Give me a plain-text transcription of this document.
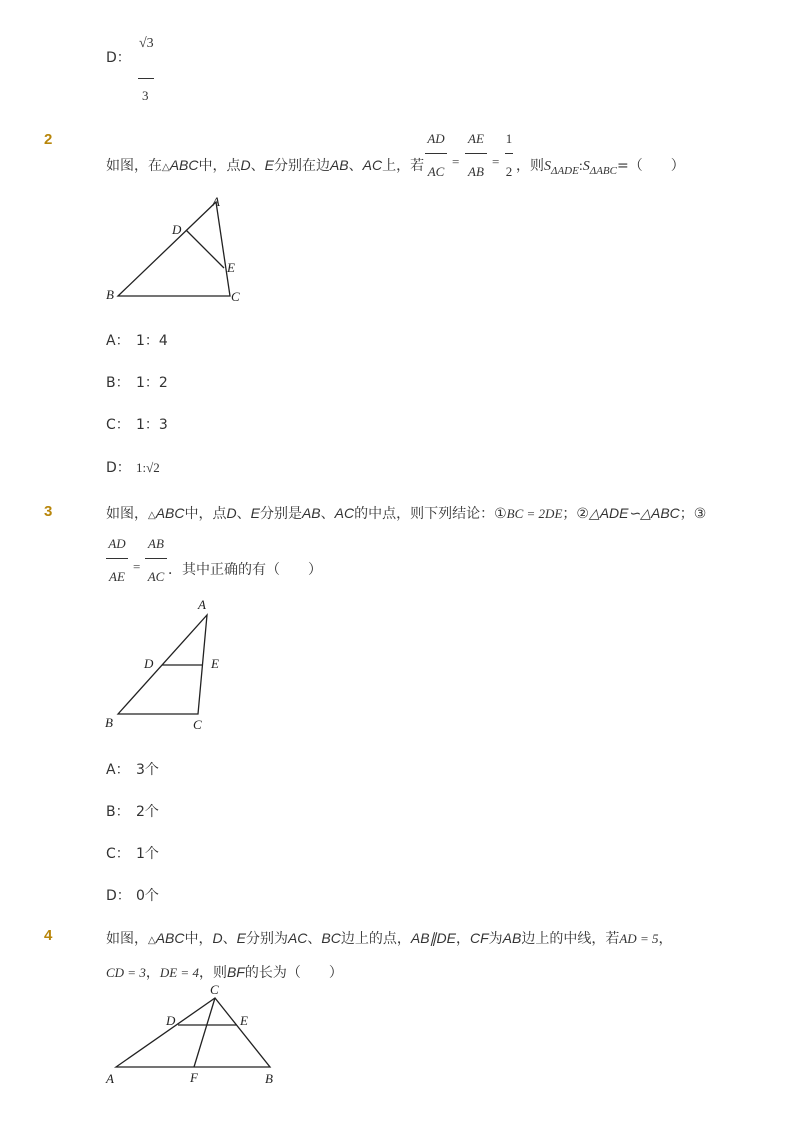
D：
√3
3
2
如图，在△ABC中，点D、E分别在边AB、AC上，若
AD
AC
=
AE
AB
=
1
2 ，则$S_{\Delta ADE}:S_{\Delta ABC}=$（　　）
A
B	C
D
E
A： 1：4
B： 1：2
C： 1：3
D： 1:√2
3	如图，△ABC中，点D、E分别是AB、AC的中点，则下列结论：①BC = 2DE；②△ADE∽△ABC；③
AD
AE
=
AB
AC ．其中正确的有（　　）
A
B	C
D	E
A： 3个
B： 2个
C： 1个
D： 0个
4	如图，△ABC中，D、E分别为AC、BC边上的点，AB∥DE，CF为AB边上的中线，若AD = 5，
CD = 3，DE = 4，则BF的长为（　　）
C
D	E
A	F	B
